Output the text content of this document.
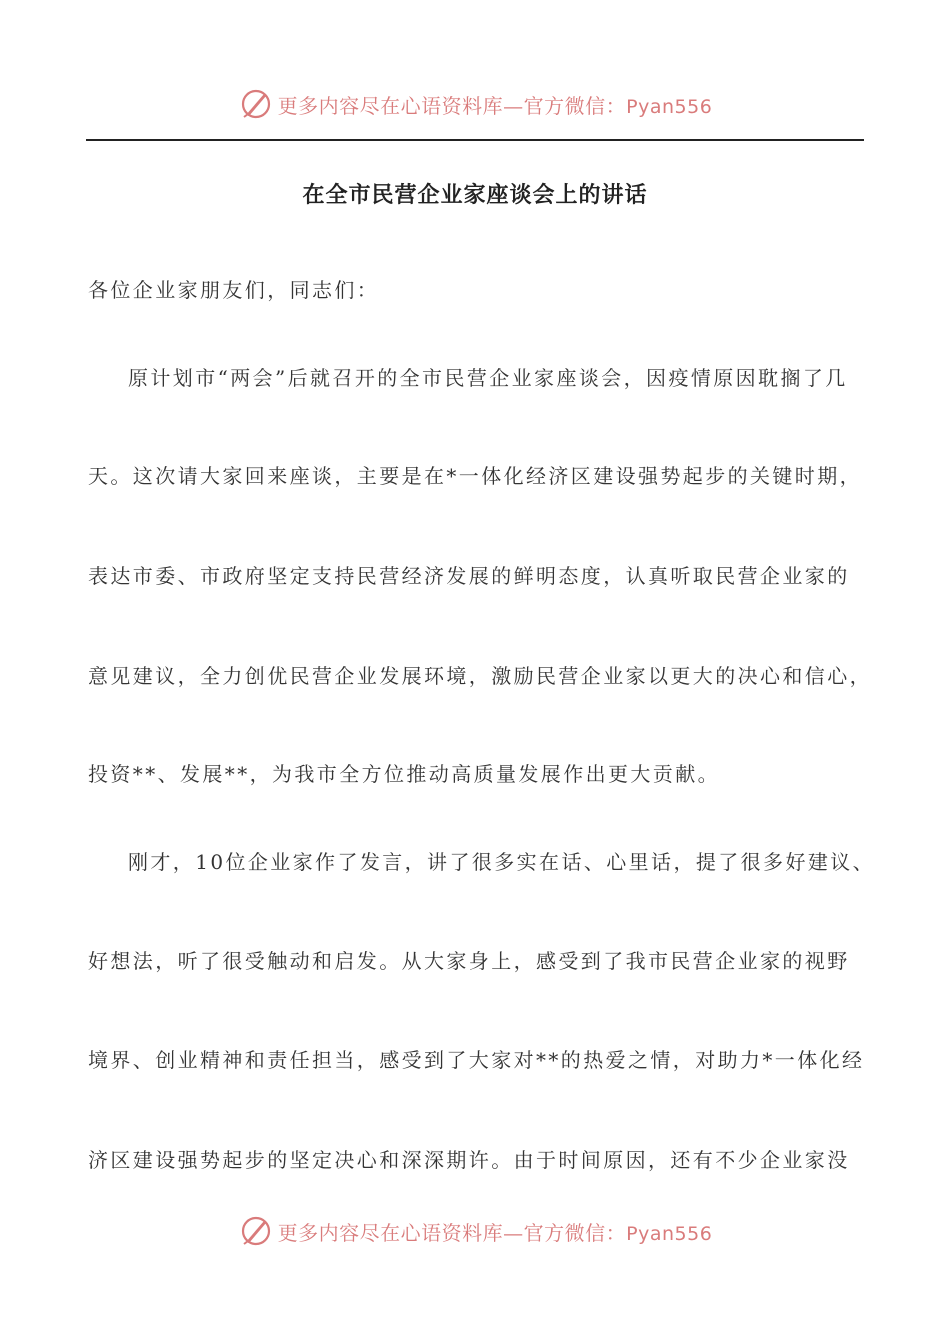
更多内容尽在心语资料库—官方微信：Pyan556
在全市民营企业家座谈会上的讲话
各位企业家朋友们，同志们：
原计划市“两会”后就召开的全市民营企业家座谈会，因疫情原因耽搁了几
天。这次请大家回来座谈，主要是在*一体化经济区建设强势起步的关键时期，
表达市委、市政府坚定支持民营经济发展的鲜明态度，认真听取民营企业家的
意见建议，全力创优民营企业发展环境，激励民营企业家以更大的决心和信心，
投资**、发展**，为我市全方位推动高质量发展作出更大贡献。
刚才，10位企业家作了发言，讲了很多实在话、心里话，提了很多好建议、
好想法，听了很受触动和启发。从大家身上，感受到了我市民营企业家的视野
境界、创业精神和责任担当，感受到了大家对**的热爱之情，对助力*一体化经
济区建设强势起步的坚定决心和深深期许。由于时间原因，还有不少企业家没
更多内容尽在心语资料库—官方微信：Pyan556
